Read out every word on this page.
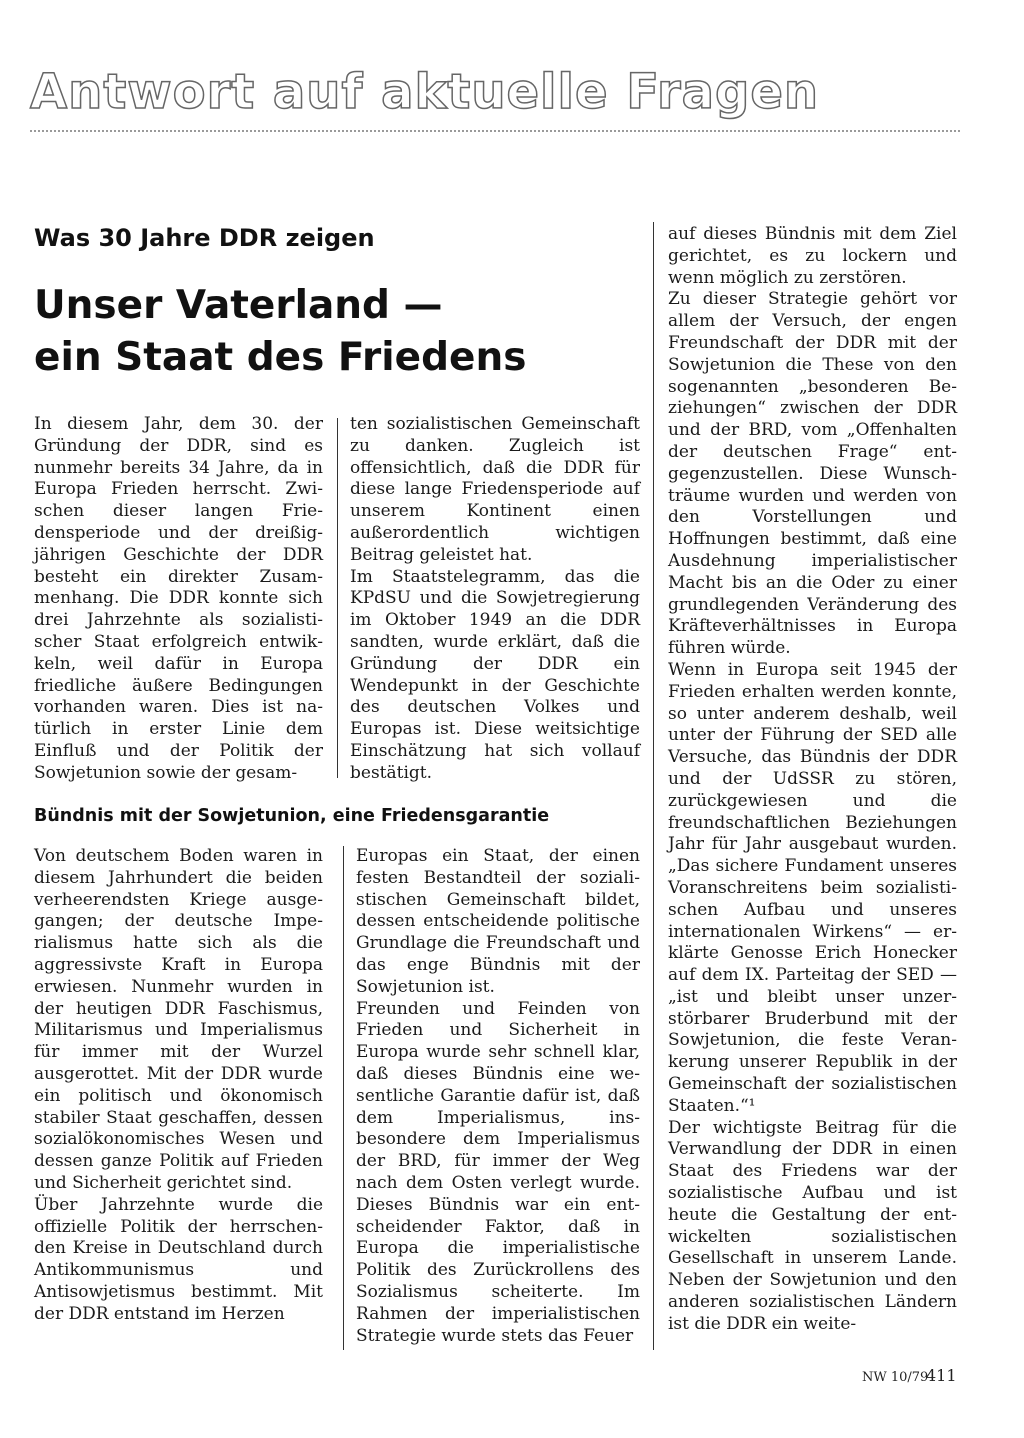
Antwort auf aktuelle Fragen
Was 30 Jahre DDR zeigen
Unser Vaterland —
ein Staat des Friedens

In diesem Jahr, dem 30. der Gründung der DDR, sind es nunmehr bereits 34 Jahre, da in Europa Frieden herrscht. Zwischen dieser langen Friedensperiode und der dreißigjährigen Geschichte der DDR besteht ein direkter Zusammenhang. Die DDR konnte sich drei Jahrzehnte als sozialistischer Staat erfolgreich entwikkeln, weil dafür in Europa friedliche äußere Bedingungen vorhanden waren. Dies ist natürlich in erster Linie dem Einfluß und der Politik der Sowjetunion sowie der gesam-

ten sozialistischen Gemeinschaft zu danken. Zugleich ist offensichtlich, daß die DDR für diese lange Friedensperiode auf unserem Kontinent einen außerordentlich wichtigen Beitrag geleistet hat.

Im Staatstelegramm, das die KPdSU und die Sowjetregierung im Oktober 1949 an die DDR sandten, wurde erklärt, daß die Gründung der DDR ein Wendepunkt in der Geschichte des deutschen Volkes und Europas ist. Diese weitsichtige Einschätzung hat sich vollauf bestätigt.

auf dieses Bündnis mit dem Ziel gerichtet, es zu lockern und wenn möglich zu zerstören.

Zu dieser Strategie gehört vor allem der Versuch, der engen Freundschaft der DDR mit der Sowjetunion die These von den sogenannten „besonderen Beziehungen“ zwischen der DDR und der BRD, vom „Offenhalten der deutschen Frage“ entgegenzustellen. Diese Wunschträume wurden und werden von den Vorstellungen und Hoffnungen bestimmt, daß eine Ausdehnung imperialistischer Macht bis an die Oder zu einer grundlegenden Veränderung des Kräfteverhältnisses in Europa führen würde.

Wenn in Europa seit 1945 der Frieden erhalten werden konnte, so unter anderem deshalb, weil unter der Führung der SED alle Versuche, das Bündnis der DDR und der UdSSR zu stören, zurückgewiesen und die freundschaftlichen Beziehungen Jahr für Jahr ausgebaut wurden. „Das sichere Fundament unseres Voranschreitens beim sozialistischen Aufbau und unseres internationalen Wirkens“ — erklärte Genosse Erich Honecker auf dem IX. Parteitag der SED — „ist und bleibt unser unzerstörbarer Bruderbund mit der Sowjetunion, die feste Verankerung unserer Republik in der Gemeinschaft der sozialistischen Staaten.“¹

Der wichtigste Beitrag für die Verwandlung der DDR in einen Staat des Friedens war der sozialistische Aufbau und ist heute die Gestaltung der entwickelten sozialistischen Gesellschaft in unserem Lande. Neben der Sowjetunion und den anderen sozialistischen Ländern ist die DDR ein weite-

Bündnis mit der Sowjetunion, eine Friedensgarantie

Von deutschem Boden waren in diesem Jahrhundert die beiden verheerendsten Kriege ausgegangen; der deutsche Imperialismus hatte sich als die aggressivste Kraft in Europa erwiesen. Nunmehr wurden in der heutigen DDR Faschismus, Militarismus und Imperialismus für immer mit der Wurzel ausgerottet. Mit der DDR wurde ein politisch und ökonomisch stabiler Staat geschaffen, dessen sozialökonomisches Wesen und dessen ganze Politik auf Frieden und Sicherheit gerichtet sind.

Über Jahrzehnte wurde die offizielle Politik der herrschenden Kreise in Deutschland durch Antikommunismus und Antisowjetismus bestimmt. Mit der DDR entstand im Herzen

Europas ein Staat, der einen festen Bestandteil der sozialistischen Gemeinschaft bildet, dessen entscheidende politische Grundlage die Freundschaft und das enge Bündnis mit der Sowjetunion ist.

Freunden und Feinden von Frieden und Sicherheit in Europa wurde sehr schnell klar, daß dieses Bündnis eine wesentliche Garantie dafür ist, daß dem Imperialismus, insbesondere dem Imperialismus der BRD, für immer der Weg nach dem Osten verlegt wurde. Dieses Bündnis war ein entscheidender Faktor, daß in Europa die imperialistische Politik des Zurückrollens des Sozialismus scheiterte. Im Rahmen der imperialistischen Strategie wurde stets das Feuer

NW 10/79
411
